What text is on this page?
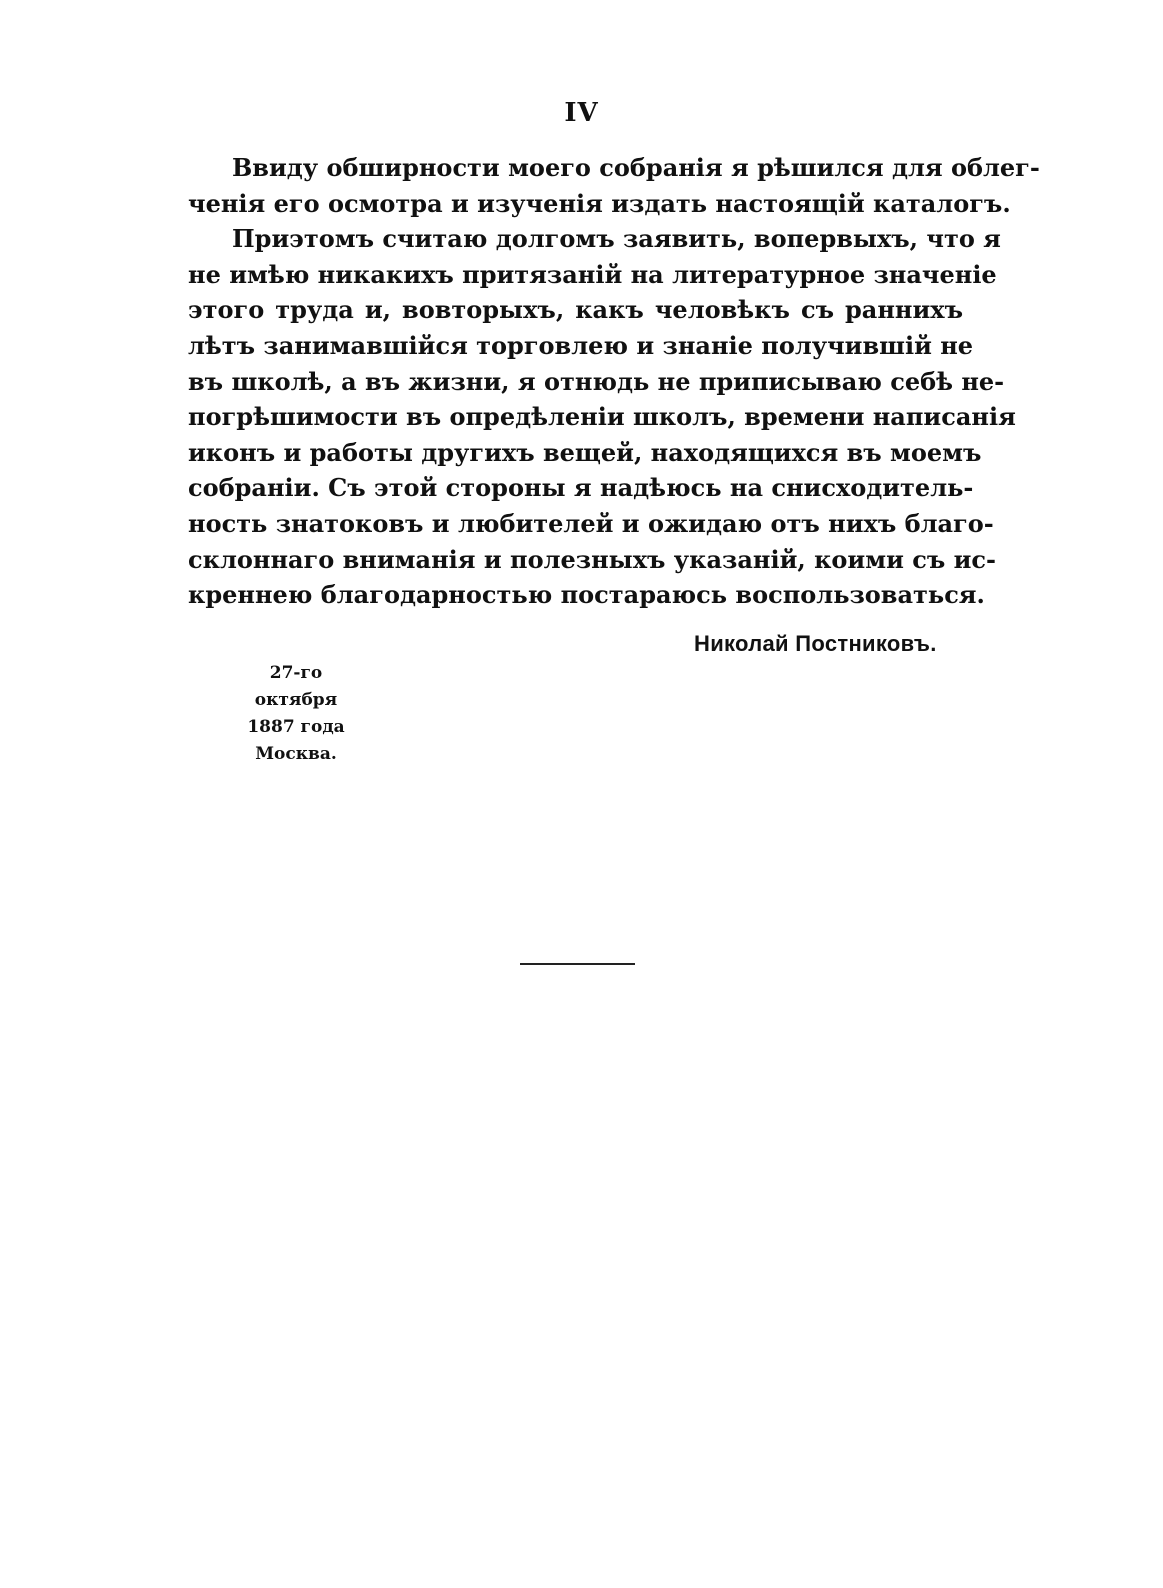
IV
Ввиду обширности моего собранiя я рѣшился для облег-
ченiя его осмотра и изученiя издать настоящiй каталогъ.
Приэтомъ считаю долгомъ заявить, вопервыхъ, что я
не имѣю никакихъ притязанiй на литературное значенiе
этого труда и, вовторыхъ, какъ человѣкъ съ раннихъ
лѣтъ занимавшiйся торговлею и знанiе получившiй не
въ школѣ, а въ жизни, я отнюдь не приписываю себѣ не-
погрѣшимости въ опредѣленiи школъ, времени написанiя
иконъ и работы другихъ вещей, находящихся въ моемъ
собранiи. Съ этой стороны я надѣюсь на снисходитель-
ность знатоковъ и любителей и ожидаю отъ нихъ благо-
склоннаго вниманiя и полезныхъ указанiй, коими съ ис-
креннею благодарностью постараюсь воспользоваться.
Николай Постниковъ.
27-го октября
1887 года
Москва.
